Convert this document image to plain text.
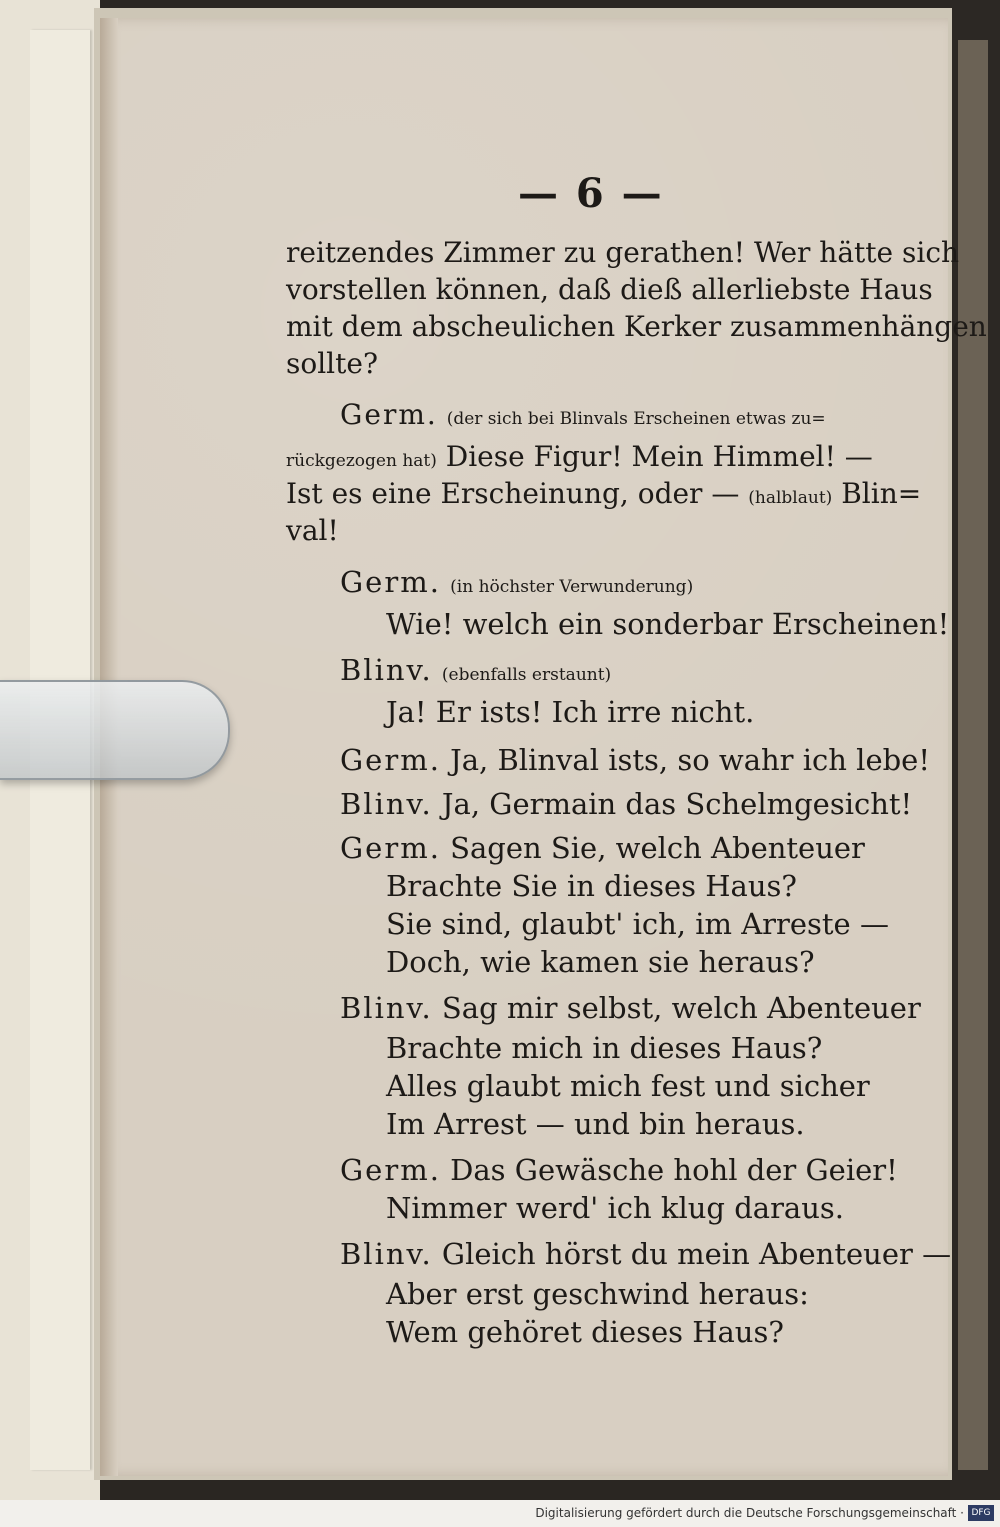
— 6 —
reitzendes Zimmer zu gerathen! Wer hätte sich
vorstellen können, daß dieß allerliebste Haus
mit dem abscheulichen Kerker zusammenhängen
sollte?
Germ. (der sich bei Blinvals Erscheinen etwas zu=
rückgezogen hat) Diese Figur! Mein Himmel! —
Ist es eine Erscheinung, oder — (halblaut) Blin=
val!
Germ. (in höchster Verwunderung)
Wie! welch ein sonderbar Erscheinen!
Blinv. (ebenfalls erstaunt)
Ja! Er ists! Ich irre nicht.
Germ. Ja, Blinval ists, so wahr ich lebe!
Blinv. Ja, Germain das Schelmgesicht!
Germ. Sagen Sie, welch Abenteuer
Brachte Sie in dieses Haus?
Sie sind, glaubt' ich, im Arreste —
Doch, wie kamen sie heraus?
Blinv. Sag mir selbst, welch Abenteuer
Brachte mich in dieses Haus?
Alles glaubt mich fest und sicher
Im Arrest — und bin heraus.
Germ. Das Gewäsche hohl der Geier!
Nimmer werd' ich klug daraus.
Blinv. Gleich hörst du mein Abenteuer —
Aber erst geschwind heraus:
Wem gehöret dieses Haus?
Digitalisierung gefördert durch die Deutsche Forschungsgemeinschaft · DFG
